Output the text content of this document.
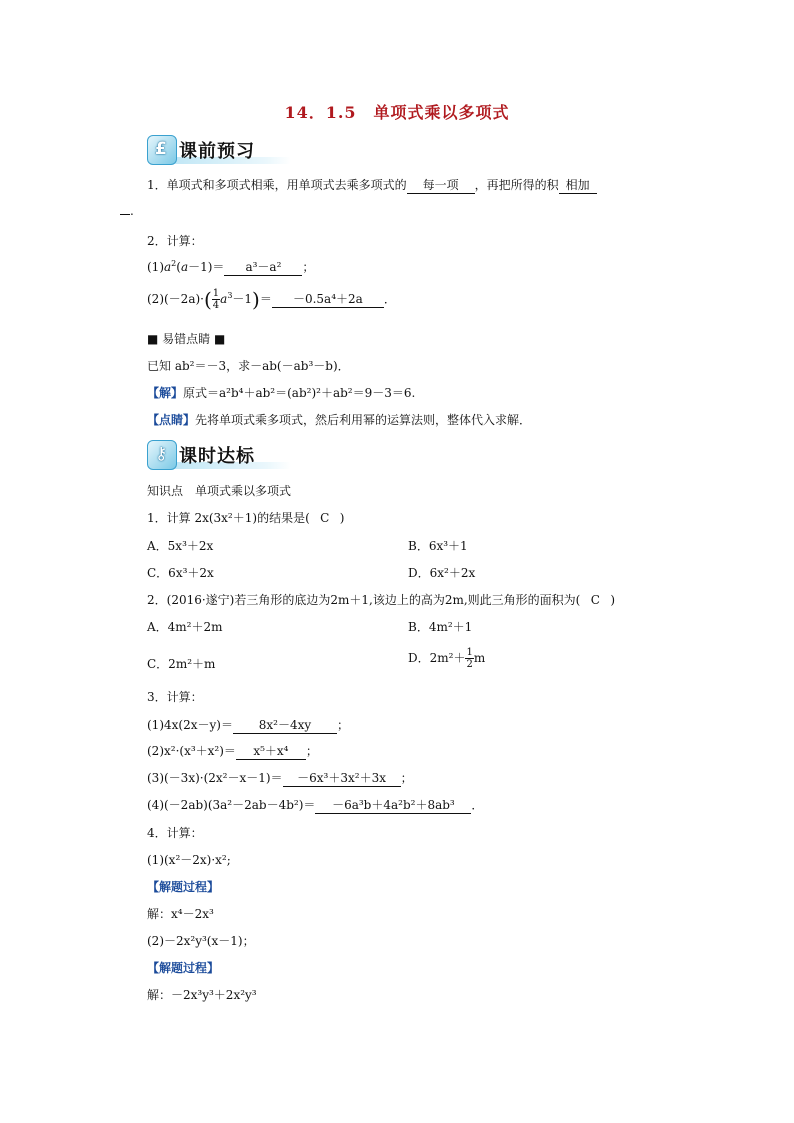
14．1.5　单项式乘以多项式
£ 课前预习
1．单项式和多项式相乘，用单项式去乘多项式的 每一项 ，再把所得的积 相加
.
2．计算：
$(1)a^2(a-1)= a^3-a^2$ ；
$(2)(-2a)\cdot( \frac{1}{4} a^3-1)= -0.5a^4+2a$ ．
■ 易错点睛 ■
已知 ab²＝－3，求－ab(－ab³－b)．
【解】原式＝a²b⁴＋ab²＝(ab²)²＋ab²＝9－3＝6.
【点睛】先将单项式乘多项式，然后利用幂的运算法则，整体代入求解．
⚷ 课时达标
知识点　单项式乘以多项式
1．计算 2x(3x²＋1)的结果是( C )
A．5x³＋2x	B．6x³＋1
C．6x³＋2x	D．6x²＋2x
2．(2016·遂宁)若三角形的底边为2m＋1,该边上的高为2m,则此三角形的面积为( C )
A．4m²＋2m	B．4m²＋1
C．2m²＋m	D．$2m^2+ \frac{1}{2}$ m
3．计算：
(1)4x(2x－y)＝ 8x²－4xy ；
(2)x²·(x³＋x²)＝ x⁵＋x⁴ ；
(3)(－3x)·(2x²－x－1)＝ －6x³＋3x²＋3x ；
(4)(－2ab)(3a²－2ab－4b²)＝ －6a³b＋4a²b²＋8ab³ ．
4．计算：
(1)(x²－2x)·x²;
【解题过程】
解：x⁴－2x³
(2)－2x²y³(x－1)；
【解题过程】
解：－2x³y³＋2x²y³
